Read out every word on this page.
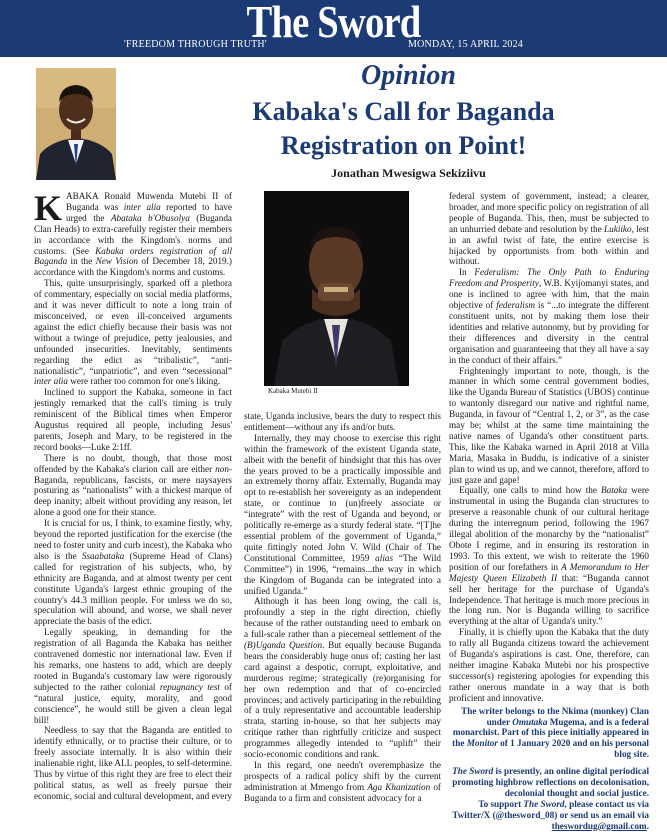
The Sword
'FREEDOM THROUGH TRUTH'	MONDAY, 15 APRIL 2024
Opinion
Kabaka's Call for Baganda
Registration on Point!
Jonathan Mwesigwa Sekiziivu

KABAKA Ronald Muwenda Mutebi II of Buganda was inter alia reported to have urged the Abataka b'Obusolya (Buganda Clan Heads) to extra-carefully register their members in accordance with the Kingdom's norms and customs. (See Kabaka orders registration of all Baganda in the New Vision of December 18, 2019.) accordance with the Kingdom's norms and customs.

This, quite unsurprisingly, sparked off a plethora of commentary, especially on social media platforms, and it was never difficult to note a long train of misconceived, or even ill-conceived arguments against the edict chiefly because their basis was not without a twinge of prejudice, petty jealousies, and unfounded insecurities. Inevitably, sentiments regarding the edict as “tribalistic”, “anti-nationalistic”, “unpatriotic”, and even “secessional” inter alia were rather too common for one's liking.

Inclined to support the Kabaka, someone in fact jestingly remarked that the call's timing is truly reminiscent of the Biblical times when Emperor Augustus required all people, including Jesus' parents, Joseph and Mary, to be registered in the record books—Luke 2:1ff.

There is no doubt, though, that those most offended by the Kabaka's clarion call are either non-Baganda, republicans, fascists, or mere naysayers posturing as “nationalists” with a thickest marque of deep inanity; albeit without providing any reason, let alone a good one for their stance.

It is crucial for us, I think, to examine firstly, why, beyond the reported justification for the exercise (the need to foster unity and curb incest), the Kabaka who also is the Ssaabataka (Supreme Head of Clans) called for registration of his subjects, who, by ethnicity are Baganda, and at almost twenty per cent constitute Uganda's largest ethnic grouping of the country's 44.3 million people. For unless we do so, speculation will abound, and worse, we shall never appreciate the basis of the edict.

Legally speaking, in demanding for the registration of all Baganda the Kabaka has neither contravened domestic nor international law. Even if his remarks, one hastens to add, which are deeply rooted in Buganda's customary law were rigorously subjected to the rather colonial repugnancy test of “natural justice, equity, morality, and good conscience”, he would still be given a clean legal bill!

Needless to say that the Baganda are entitled to identify ethnically, or to practise their culture, or to freely associate internally. It is also within their inalienable right, like ALL peoples, to self-determine. Thus by virtue of this right they are free to elect their political status, as well as freely pursue their economic, social and cultural development, and every

Kabaka Mutebi II

state, Uganda inclusive, bears the duty to respect this entitlement—without any ifs and/or buts.

Internally, they may choose to exercise this right within the framework of the existent Uganda state, albeit with the benefit of hindsight that this has over the years proved to be a practically impossible and an extremely thorny affair. Externally, Buganda may opt to re-establish her sovereignty as an independent state, or continue to (un)freely associate or “integrate” with the rest of Uganda and beyond, or politically re-emerge as a sturdy federal state. “[T]he essential problem of the government of Uganda,” quite fittingly noted John V. Wild (Chair of The Constitutional Committee, 1959 alias “The Wild Committee”) in 1996, “remains...the way in which the Kingdom of Buganda can be integrated into a unified Uganda.”

Although it has been long owing, the call is, profoundly a step in the right direction, chiefly because of the rather outstanding need to embark on a full-scale rather than a piecemeal settlement of the (B)Uganda Question. But equally because Buganda bears the considerably huge onus of: casting her last card against a despotic, corrupt, exploitative, and murderous regime; strategically (re)organising for her own redemption and that of co-encircled provinces; and actively participating in the rebuilding of a truly representative and accountable leadership strata, starting in-house, so that her subjects may critique rather than rightfully criticize and suspect programmes allegedly intended to “uplift” their socio-economic conditions and rank.

In this regard, one needn't overemphasize the prospects of a radical policy shift by the current administration at Mmengo from Aga Khanization of Buganda to a firm and consistent advocacy for a

federal system of government, instead; a clearer, broader, and more specific policy on registration of all people of Buganda. This, then, must be subjected to an unhurried debate and resolution by the Lukiiko, lest in an awful twist of fate, the entire exercise is hijacked by opportunists from both within and without.

In Federalism: The Only Path to Enduring Freedom and Prosperity, W.B. Kyijomanyi states, and one is inclined to agree with him, that the main objective of federalism is “...to integrate the different constituent units, not by making them lose their identities and relative autonomy, but by providing for their differences and diversity in the central organisation and guaranteeing that they all have a say in the conduct of their affairs.”

Frighteningly important to note, though, is the manner in which some central government bodies, like the Uganda Bureau of Statistics (UBOS) continue to wantonly disregard our native and rightful name, Buganda, in favour of “Central 1, 2, or 3”, as the case may be; whilst at the same time maintaining the native names of Uganda's other constituent parts. This, like the Kabaka warned in April 2018 at Villa Maria, Masaka in Buddu, is indicative of a sinister plan to wind us up, and we cannot, therefore, afford to just gaze and gape!

Equally, one calls to mind how the Bataka were instrumental in using the Buganda clan structures to preserve a reasonable chunk of our cultural heritage during the interregnum period, following the 1967 illegal abolition of the monarchy by the “nationalist” Obote I regime, and in ensuring its restoration in 1993. To this extent, we wish to reiterate the 1960 position of our forefathers in A Memorandum to Her Majesty Queen Elizabeth II that: “Buganda cannot sell her heritage for the purchase of Uganda's Independence. That heritage is much more precious in the long run. Nor is Buganda willing to sacrifice everything at the altar of Uganda's unity.”

Finally, it is chiefly upon the Kabaka that the duty to rally all Buganda citizens toward the achievement of Buganda's aspirations is cast. One, therefore, can neither imagine Kabaka Mutebi nor his prospective successor(s) registering apologies for expending this rather onerous mandate in a way that is both proficient and innovative.

The writer belongs to the Nkima (monkey) Clan under Omutaka Mugema, and is a federal monarchist. Part of this piece initially appeared in the Monitor of 1 January 2020 and on his personal blog site.
The Sword is presently, an online digital periodical promoting highbrow reflections on decolonisation, decolonial thought and social justice.
To support The Sword, please contact us via Twitter/X (@thesword_08) or send us an email via
theswordug@gmail.com.
